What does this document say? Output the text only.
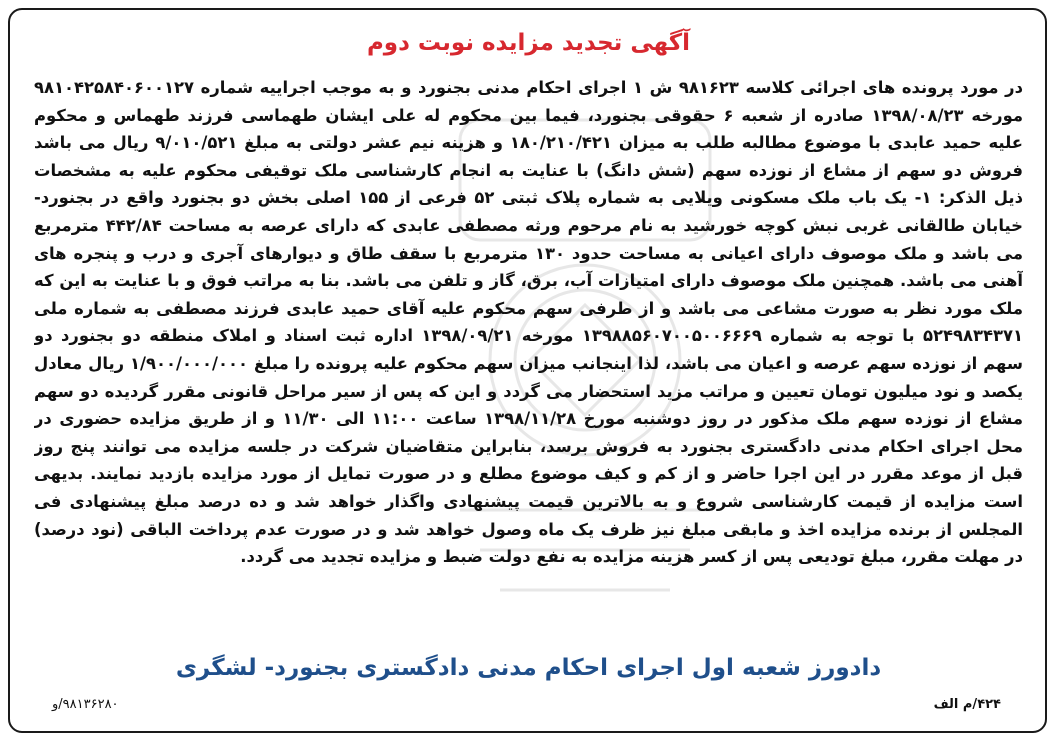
آگهی تجدید مزایده نوبت دوم
در مورد پرونده های اجرائی کلاسه ۹۸۱۶۲۳ ش ۱ اجرای احکام مدنی بجنورد و به موجب اجراییه شماره ۹۸۱۰۴۲۵۸۴۰۶۰۰۱۲۷ مورخه ۱۳۹۸/۰۸/۲۳ صادره از شعبه ۶ حقوقی بجنورد، فیما بین محکوم له علی ایشان طهماسی فرزند طهماس و محکوم علیه حمید عابدی با موضوع مطالبه طلب به میزان ۱۸۰/۲۱۰/۴۲۱ و هزینه نیم عشر دولتی به مبلغ ۹/۰۱۰/۵۲۱ ریال می باشد فروش دو سهم از مشاع از نوزده سهم (شش دانگ) با عنایت به انجام کارشناسی ملک توقیفی محکوم علیه به مشخصات ذیل الذکر: ۱- یک باب ملک مسکونی ویلایی به شماره پلاک ثبتی ۵۲ فرعی از ۱۵۵ اصلی بخش دو بجنورد واقع در بجنورد- خیابان طالقانی غربی نبش کوچه خورشید به نام مرحوم ورثه مصطفی عابدی که دارای عرصه به مساحت ۴۴۲/۸۴ مترمربع می باشد و ملک موصوف دارای اعیانی به مساحت حدود ۱۳۰ مترمربع با سقف طاق و دیوارهای آجری و درب و پنجره های آهنی می باشد. همچنین ملک موصوف دارای امتیازات آب، برق، گاز و تلفن می باشد. بنا به مراتب فوق و با عنایت به این که ملک مورد نظر به صورت مشاعی می باشد و از طرفی سهم محکوم علیه آقای حمید عابدی فرزند مصطفی به شماره ملی ۵۲۴۹۸۳۴۳۷۱ با توجه به شماره ۱۳۹۸۸۵۶۰۷۰۰۵۰۰۶۶۶۹ مورخه ۱۳۹۸/۰۹/۲۱ اداره ثبت اسناد و املاک منطقه دو بجنورد دو سهم از نوزده سهم عرصه و اعیان می باشد، لذا اینجانب میزان سهم محکوم علیه پرونده را مبلغ ۱/۹۰۰/۰۰۰/۰۰۰ ریال معادل یکصد و نود میلیون تومان تعیین و مراتب مزید استحضار می گردد و این که پس از سیر مراحل قانونی مقرر گردیده دو سهم مشاع از نوزده سهم ملک مذکور در روز دوشنبه مورخ ۱۳۹۸/۱۱/۲۸ ساعت ۱۱:۰۰ الی ۱۱/۳۰ و از طریق مزایده حضوری در محل اجرای احکام مدنی دادگستری بجنورد به فروش برسد، بنابراین متقاضیان شرکت در جلسه مزایده می توانند پنج روز قبل از موعد مقرر در این اجرا حاضر و از کم و کیف موضوع مطلع و در صورت تمایل از مورد مزایده بازدید نمایند. بدیهی است مزایده از قیمت کارشناسی شروع و به بالاترین قیمت پیشنهادی واگذار خواهد شد و ده درصد مبلغ پیشنهادی فی المجلس از برنده مزایده اخذ و مابقی مبلغ نیز ظرف یک ماه وصول خواهد شد و در صورت عدم پرداخت الباقی (نود درصد) در مهلت مقرر، مبلغ تودیعی پس از کسر هزینه مزایده به نفع دولت ضبط و مزایده تجدید می گردد.
دادورز شعبه اول اجرای احکام مدنی دادگستری بجنورد- لشگری
۴۲۴/م الف
۹۸۱۳۶۲۸۰/و
